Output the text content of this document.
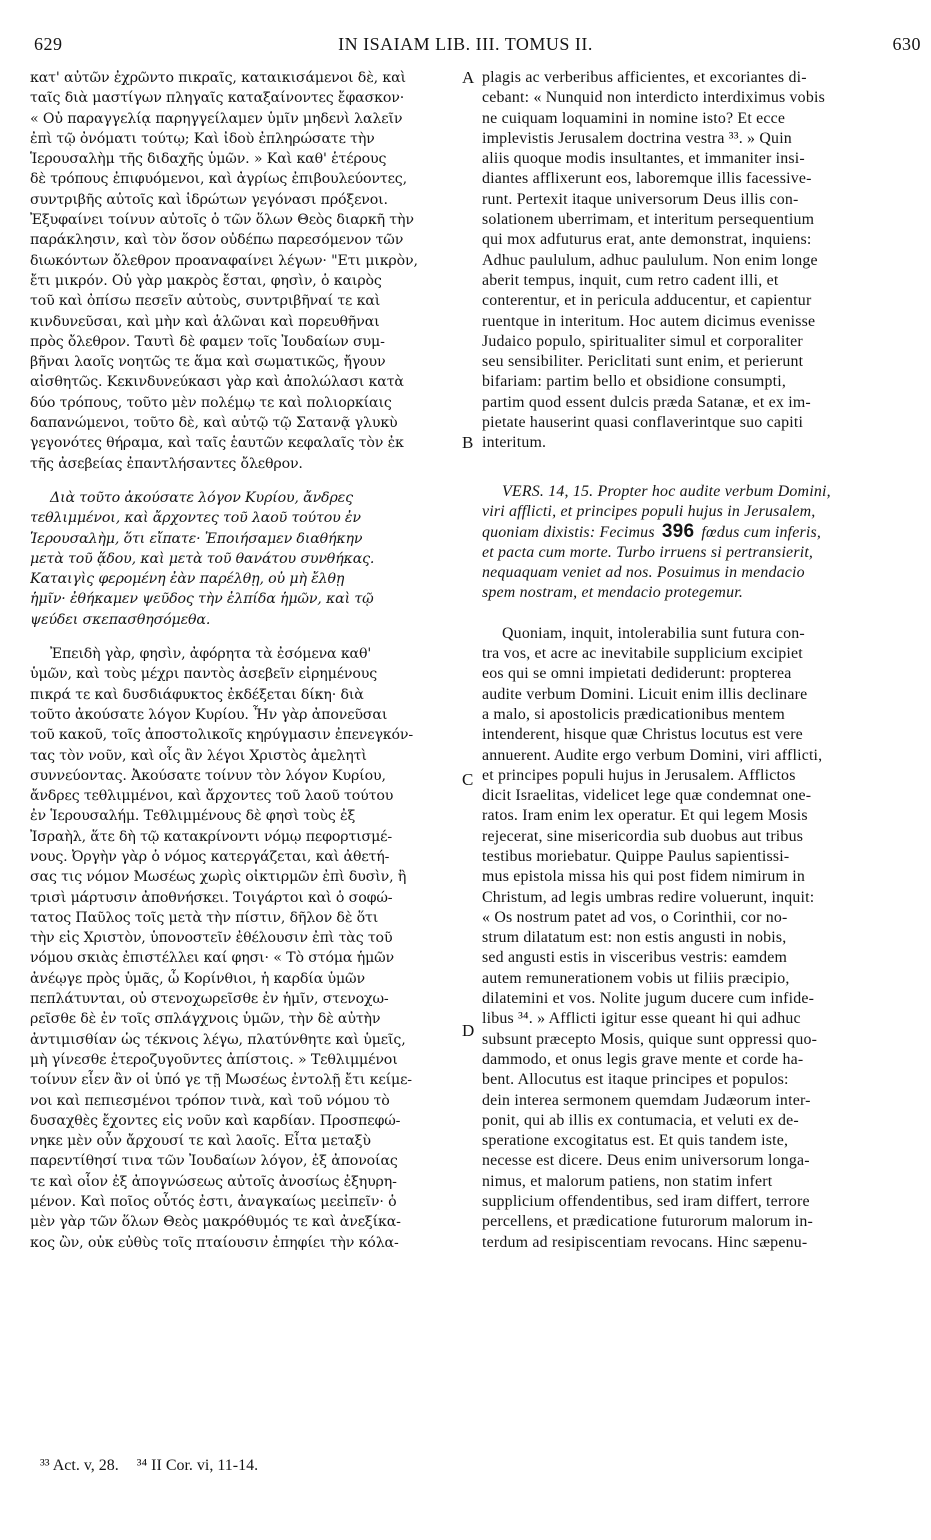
629	IN ISAIAM LIB. III. TOMUS II.	630
A
B
C
D
κατ' αὐτῶν ἐχρῶντο πικραῖς, καταικισάμενοι δὲ, καὶ
ταῖς διὰ μαστίγων πληγαῖς καταξαίνοντες ἔφασκον·
« Οὐ παραγγελίᾳ παρηγγείλαμεν ὑμῖν μηδενὶ λαλεῖν
ἐπὶ τῷ ὀνόματι τούτῳ; Καὶ ἰδοὺ ἐπληρώσατε τὴν
Ἱερουσαλὴμ τῆς διδαχῆς ὑμῶν. » Καὶ καθ' ἑτέρους
δὲ τρόπους ἐπιφυόμενοι, καὶ ἀγρίως ἐπιβουλεύοντες,
συντριβῆς αὐτοῖς καὶ ἱδρώτων γεγόνασι πρόξενοι.
Ἐξυφαίνει τοίνυν αὐτοῖς ὁ τῶν ὅλων Θεὸς διαρκῆ τὴν
παράκλησιν, καὶ τὸν ὅσον οὐδέπω παρεσόμενον τῶν
διωκόντων ὄλεθρον προαναφαίνει λέγων· "Ετι μικρὸν,
ἔτι μικρόν. Οὐ γὰρ μακρὸς ἔσται, φησὶν, ὁ καιρὸς
τοῦ καὶ ὀπίσω πεσεῖν αὐτοὺς, συντριβῆναί τε καὶ
κινδυνεῦσαι, καὶ μὴν καὶ ἁλῶναι καὶ πορευθῆναι
πρὸς ὄλεθρον. Ταυτὶ δὲ φαμεν τοῖς Ἰουδαίων συμ-
βῆναι λαοῖς νοητῶς τε ἅμα καὶ σωματικῶς, ἤγουν
αἰσθητῶς. Κεκινδυνεύκασι γὰρ καὶ ἀπολώλασι κατὰ
δύο τρόπους, τοῦτο μὲν πολέμῳ τε καὶ πολιορκίαις
δαπανώμενοι, τοῦτο δὲ, καὶ αὐτῷ τῷ Σατανᾷ γλυκὺ
γεγονότες θήραμα, καὶ ταῖς ἑαυτῶν κεφαλαῖς τὸν ἐκ
τῆς ἀσεβείας ἐπαντλήσαντες ὄλεθρον.
Διὰ τοῦτο ἀκούσατε λόγον Κυρίου, ἄνδρες
τεθλιμμένοι, καὶ ἄρχοντες τοῦ λαοῦ τούτου ἐν
Ἱερουσαλὴμ, ὅτι εἴπατε· Ἐποιήσαμεν διαθήκην
μετὰ τοῦ ᾅδου, καὶ μετὰ τοῦ θανάτου συνθήκας.
Καταιγὶς φερομένη ἐὰν παρέλθῃ, οὐ μὴ ἔλθῃ
ἡμῖν· ἐθήκαμεν ψεῦδος τὴν ἐλπίδα ἡμῶν, καὶ τῷ
ψεύδει σκεπασθησόμεθα.
Ἐπειδὴ γὰρ, φησὶν, ἀφόρητα τὰ ἐσόμενα καθ'
ὑμῶν, καὶ τοὺς μέχρι παντὸς ἀσεβεῖν εἰρημένους
πικρά τε καὶ δυσδιάφυκτος ἐκδέξεται δίκη· διὰ
τοῦτο ἀκούσατε λόγον Κυρίου. Ἦν γὰρ ἀπονεῦσαι
τοῦ κακοῦ, τοῖς ἀποστολικοῖς κηρύγμασιν ἐπενεγκόν-
τας τὸν νοῦν, καὶ οἷς ἂν λέγοι Χριστὸς ἀμελητὶ
συννεύοντας. Ἀκούσατε τοίνυν τὸν λόγον Κυρίου,
ἄνδρες τεθλιμμένοι, καὶ ἄρχοντες τοῦ λαοῦ τούτου
ἐν Ἱερουσαλήμ. Τεθλιμμένους δὲ φησὶ τοὺς ἐξ
Ἰσραὴλ, ἅτε δὴ τῷ κατακρίνοντι νόμῳ πεφορτισμέ-
νους. Ὀργὴν γὰρ ὁ νόμος κατεργάζεται, καὶ ἀθετή-
σας τις νόμον Μωσέως χωρὶς οἰκτιρμῶν ἐπὶ δυσὶν, ἢ
τρισὶ μάρτυσιν ἀποθνήσκει. Τοιγάρτοι καὶ ὁ σοφώ-
τατος Παῦλος τοῖς μετὰ τὴν πίστιν, δῆλον δὲ ὅτι
τὴν εἰς Χριστὸν, ὑπονοστεῖν ἐθέλουσιν ἐπὶ τὰς τοῦ
νόμου σκιὰς ἐπιστέλλει καί φησι· « Τὸ στόμα ἡμῶν
ἀνέῳγε πρὸς ὑμᾶς, ὦ Κορίνθιοι, ἡ καρδία ὑμῶν
πεπλάτυνται, οὐ στενοχωρεῖσθε ἐν ἡμῖν, στενοχω-
ρεῖσθε δὲ ἐν τοῖς σπλάγχνοις ὑμῶν, τὴν δὲ αὐτὴν
ἀντιμισθίαν ὡς τέκνοις λέγω, πλατύνθητε καὶ ὑμεῖς,
μὴ γίνεσθε ἑτεροζυγοῦντες ἀπίστοις. » Τεθλιμμένοι
τοίνυν εἶεν ἂν οἱ ὑπό γε τῇ Μωσέως ἐντολῇ ἔτι κείμε-
νοι καὶ πεπιεσμένοι τρόπον τινὰ, καὶ τοῦ νόμου τὸ
δυσαχθὲς ἔχοντες εἰς νοῦν καὶ καρδίαν. Προσπεφώ-
νηκε μὲν οὖν ἄρχουσί τε καὶ λαοῖς. Εἶτα μεταξὺ
παρεντίθησί τινα τῶν Ἰουδαίων λόγον, ἐξ ἀπονοίας
τε καὶ οἷον ἐξ ἀπογνώσεως αὐτοῖς ἀνοσίως ἐξηυρη-
μένον. Καὶ ποῖος οὗτός ἐστι, ἀναγκαίως μεεἰπεῖν· ὁ
μὲν γὰρ τῶν ὅλων Θεὸς μακρόθυμός τε καὶ ἀνεξίκα-
κος ὢν, οὐκ εὐθὺς τοῖς πταίουσιν ἐπηφίει τὴν κόλα-
plagis ac verberibus afficientes, et excoriantes di-
cebant: « Nunquid non interdicto interdiximus vobis
ne cuiquam loquamini in nomine isto? Et ecce
implevistis Jerusalem doctrina vestra ³³. » Quin
aliis quoque modis insultantes, et immaniter insi-
diantes afflixerunt eos, laboremque illis facessive-
runt. Pertexit itaque universorum Deus illis con-
solationem uberrimam, et interitum persequentium
qui mox adfuturus erat, ante demonstrat, inquiens:
Adhuc paululum, adhuc paululum. Non enim longe
aberit tempus, inquit, cum retro cadent illi, et
conterentur, et in pericula adducentur, et capientur
ruentque in interitum. Hoc autem dicimus evenisse
Judaico populo, spiritualiter simul et corporaliter
seu sensibiliter. Periclitati sunt enim, et perierunt
bifariam: partim bello et obsidione consumpti,
partim quod essent dulcis præda Satanæ, et ex im-
pietate hauserint quasi conflaverintque suo capiti
interitum.
VERS. 14, 15. Propter hoc audite verbum Domini,
viri afflicti, et principes populi hujus in Jerusalem,
quoniam dixistis: Fecimus 396 fœdus cum inferis,
et pacta cum morte. Turbo irruens si pertransierit,
nequaquam veniet ad nos. Posuimus in mendacio
spem nostram, et mendacio protegemur.
Quoniam, inquit, intolerabilia sunt futura con-
tra vos, et acre ac inevitabile supplicium excipiet
eos qui se omni impietati dediderunt: propterea
audite verbum Domini. Licuit enim illis declinare
a malo, si apostolicis prædicationibus mentem
intenderent, hisque quæ Christus locutus est vere
annuerent. Audite ergo verbum Domini, viri afflicti,
et principes populi hujus in Jerusalem. Afflictos
dicit Israelitas, videlicet lege quæ condemnat one-
ratos. Iram enim lex operatur. Et qui legem Mosis
rejecerat, sine misericordia sub duobus aut tribus
testibus moriebatur. Quippe Paulus sapientissi-
mus epistola missa his qui post fidem nimirum in
Christum, ad legis umbras redire voluerunt, inquit:
« Os nostrum patet ad vos, o Corinthii, cor no-
strum dilatatum est: non estis angusti in nobis,
sed angusti estis in visceribus vestris: eamdem
autem remunerationem vobis ut filiis præcipio,
dilatemini et vos. Nolite jugum ducere cum infide-
libus ³⁴. » Afflicti igitur esse queant hi qui adhuc
subsunt præcepto Mosis, quique sunt oppressi quo-
dammodo, et onus legis grave mente et corde ha-
bent. Allocutus est itaque principes et populos:
dein interea sermonem quemdam Judæorum inter-
ponit, qui ab illis ex contumacia, et veluti ex de-
speratione excogitatus est. Et quis tandem iste,
necesse est dicere. Deus enim universorum longa-
nimus, et malorum patiens, non statim infert
supplicium offendentibus, sed iram differt, terrore
percellens, et prædicatione futurorum malorum in-
terdum ad resipiscentiam revocans. Hinc sæpenu-
³³ Act. v, 28. ³⁴ II Cor. vi, 11-14.
